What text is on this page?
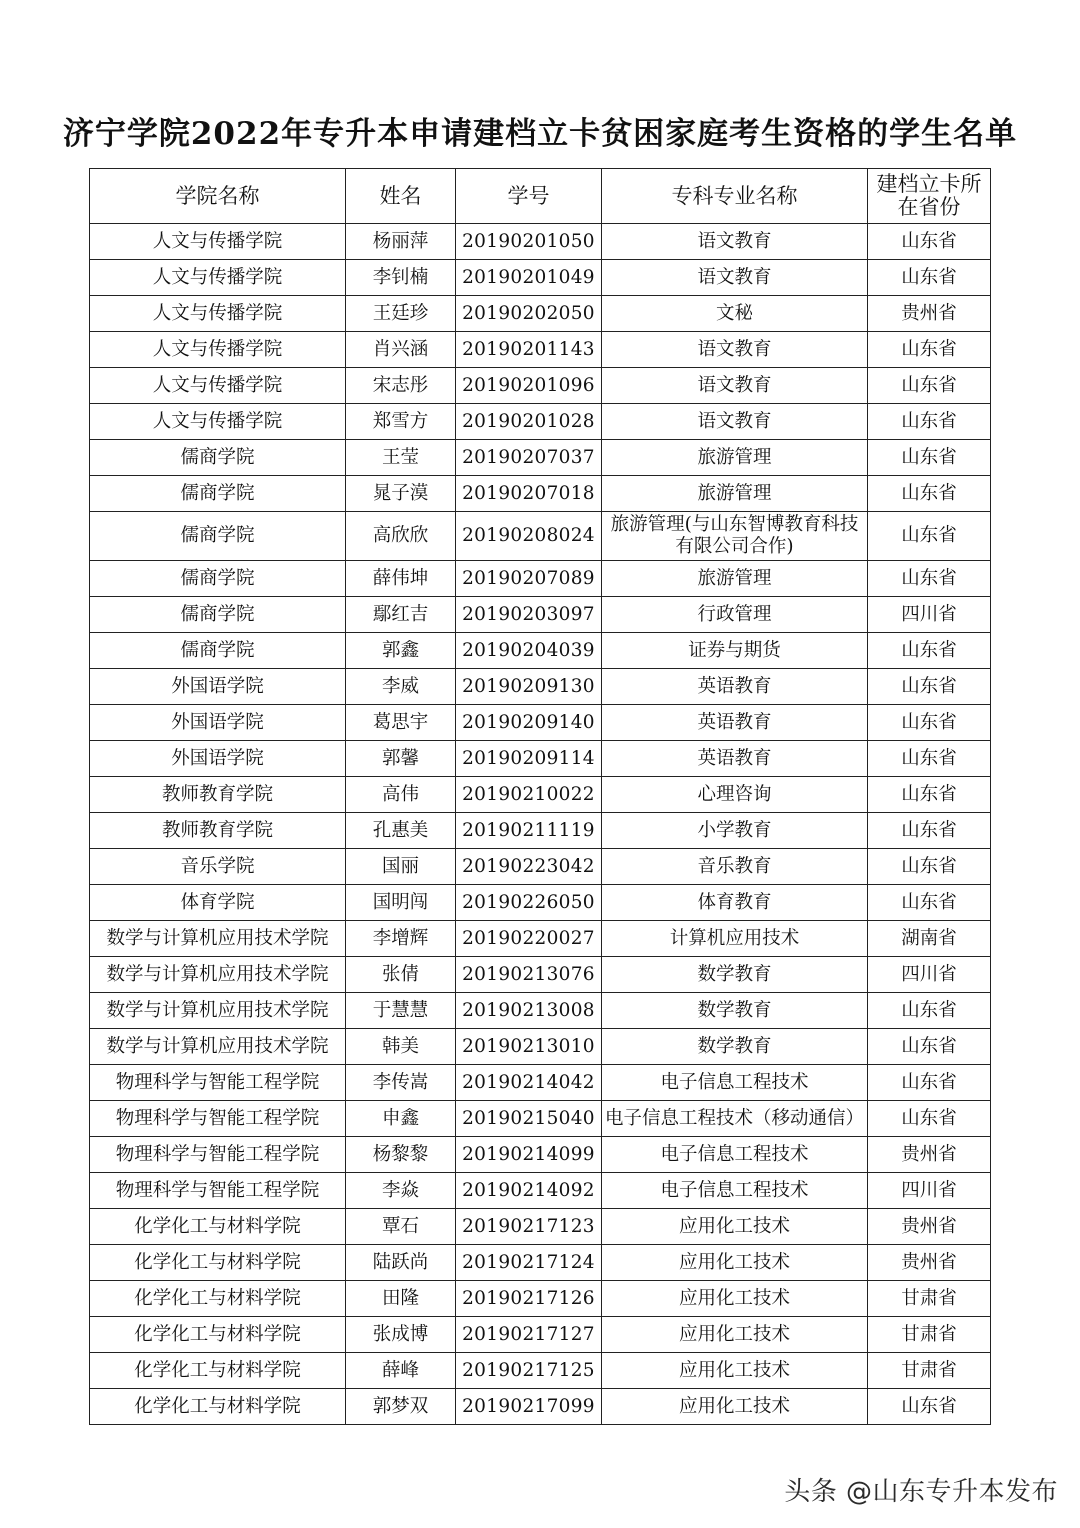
济宁学院2022年专升本申请建档立卡贫困家庭考生资格的学生名单
学院名称	姓名	学号	专科专业名称	建档立卡所在省份
人文与传播学院	杨丽萍	20190201050	语文教育	山东省
人文与传播学院	李钊楠	20190201049	语文教育	山东省
人文与传播学院	王廷珍	20190202050	文秘	贵州省
人文与传播学院	肖兴涵	20190201143	语文教育	山东省
人文与传播学院	宋志彤	20190201096	语文教育	山东省
人文与传播学院	郑雪方	20190201028	语文教育	山东省
儒商学院	王莹	20190207037	旅游管理	山东省
儒商学院	晁子漠	20190207018	旅游管理	山东省
儒商学院	高欣欣	20190208024	旅游管理(与山东智博教育科技有限公司合作)	山东省
儒商学院	薛伟坤	20190207089	旅游管理	山东省
儒商学院	鄢红吉	20190203097	行政管理	四川省
儒商学院	郭鑫	20190204039	证券与期货	山东省
外国语学院	李威	20190209130	英语教育	山东省
外国语学院	葛思宇	20190209140	英语教育	山东省
外国语学院	郭馨	20190209114	英语教育	山东省
教师教育学院	高伟	20190210022	心理咨询	山东省
教师教育学院	孔惠美	20190211119	小学教育	山东省
音乐学院	国丽	20190223042	音乐教育	山东省
体育学院	国明闯	20190226050	体育教育	山东省
数学与计算机应用技术学院	李增辉	20190220027	计算机应用技术	湖南省
数学与计算机应用技术学院	张倩	20190213076	数学教育	四川省
数学与计算机应用技术学院	于慧慧	20190213008	数学教育	山东省
数学与计算机应用技术学院	韩美	20190213010	数学教育	山东省
物理科学与智能工程学院	李传嵩	20190214042	电子信息工程技术	山东省
物理科学与智能工程学院	申鑫	20190215040	电子信息工程技术（移动通信）	山东省
物理科学与智能工程学院	杨黎黎	20190214099	电子信息工程技术	贵州省
物理科学与智能工程学院	李焱	20190214092	电子信息工程技术	四川省
化学化工与材料学院	覃石	20190217123	应用化工技术	贵州省
化学化工与材料学院	陆跃尚	20190217124	应用化工技术	贵州省
化学化工与材料学院	田隆	20190217126	应用化工技术	甘肃省
化学化工与材料学院	张成博	20190217127	应用化工技术	甘肃省
化学化工与材料学院	薛峰	20190217125	应用化工技术	甘肃省
化学化工与材料学院	郭梦双	20190217099	应用化工技术	山东省
头条 @山东专升本发布
